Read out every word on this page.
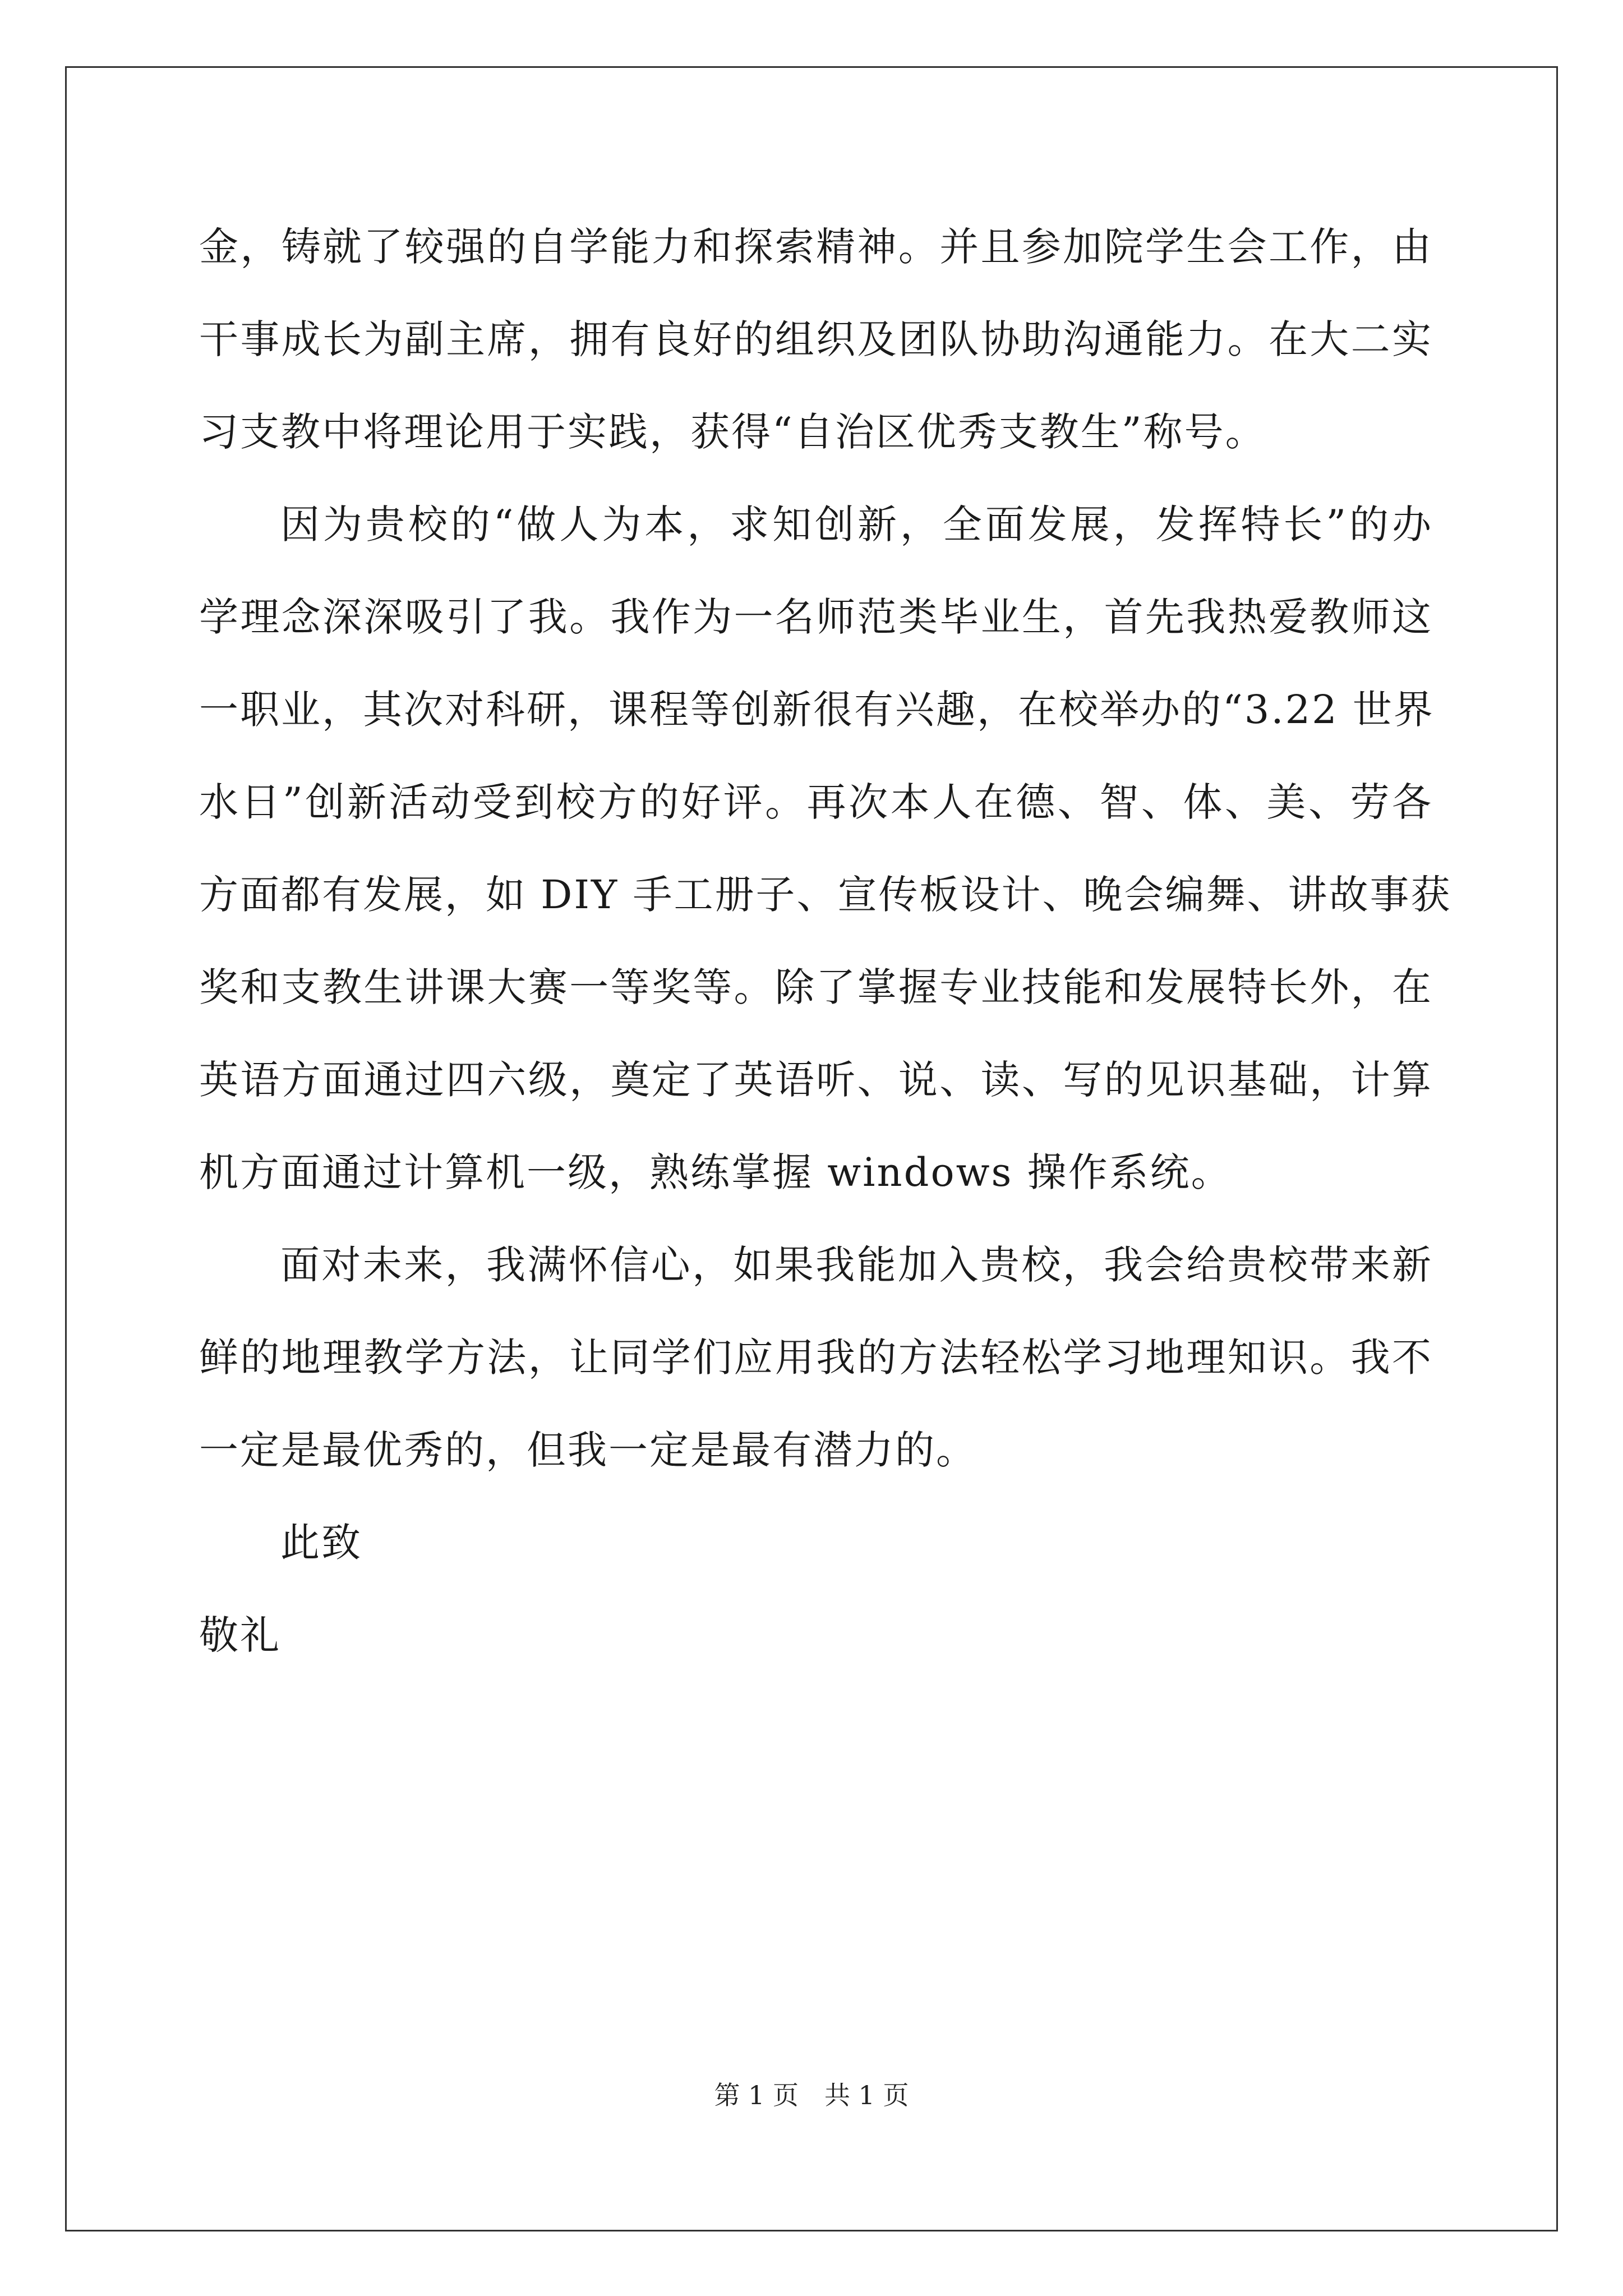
金，铸就了较强的自学能力和探索精神。并且参加院学生会工作，由
干事成长为副主席，拥有良好的组织及团队协助沟通能力。在大二实
习支教中将理论用于实践，获得“自治区优秀支教生”称号。
因为贵校的“做人为本，求知创新，全面发展，发挥特长”的办
学理念深深吸引了我。我作为一名师范类毕业生，首先我热爱教师这
一职业，其次对科研，课程等创新很有兴趣，在校举办的“3.22 世界
水日”创新活动受到校方的好评。再次本人在德、智、体、美、劳各
方面都有发展，如 DIY 手工册子、宣传板设计、晚会编舞、讲故事获
奖和支教生讲课大赛一等奖等。除了掌握专业技能和发展特长外，在
英语方面通过四六级，奠定了英语听、说、读、写的见识基础，计算
机方面通过计算机一级，熟练掌握 windows 操作系统。
面对未来，我满怀信心，如果我能加入贵校，我会给贵校带来新
鲜的地理教学方法，让同学们应用我的方法轻松学习地理知识。我不
一定是最优秀的，但我一定是最有潜力的。
此致
敬礼
第 1 页　共 1 页
